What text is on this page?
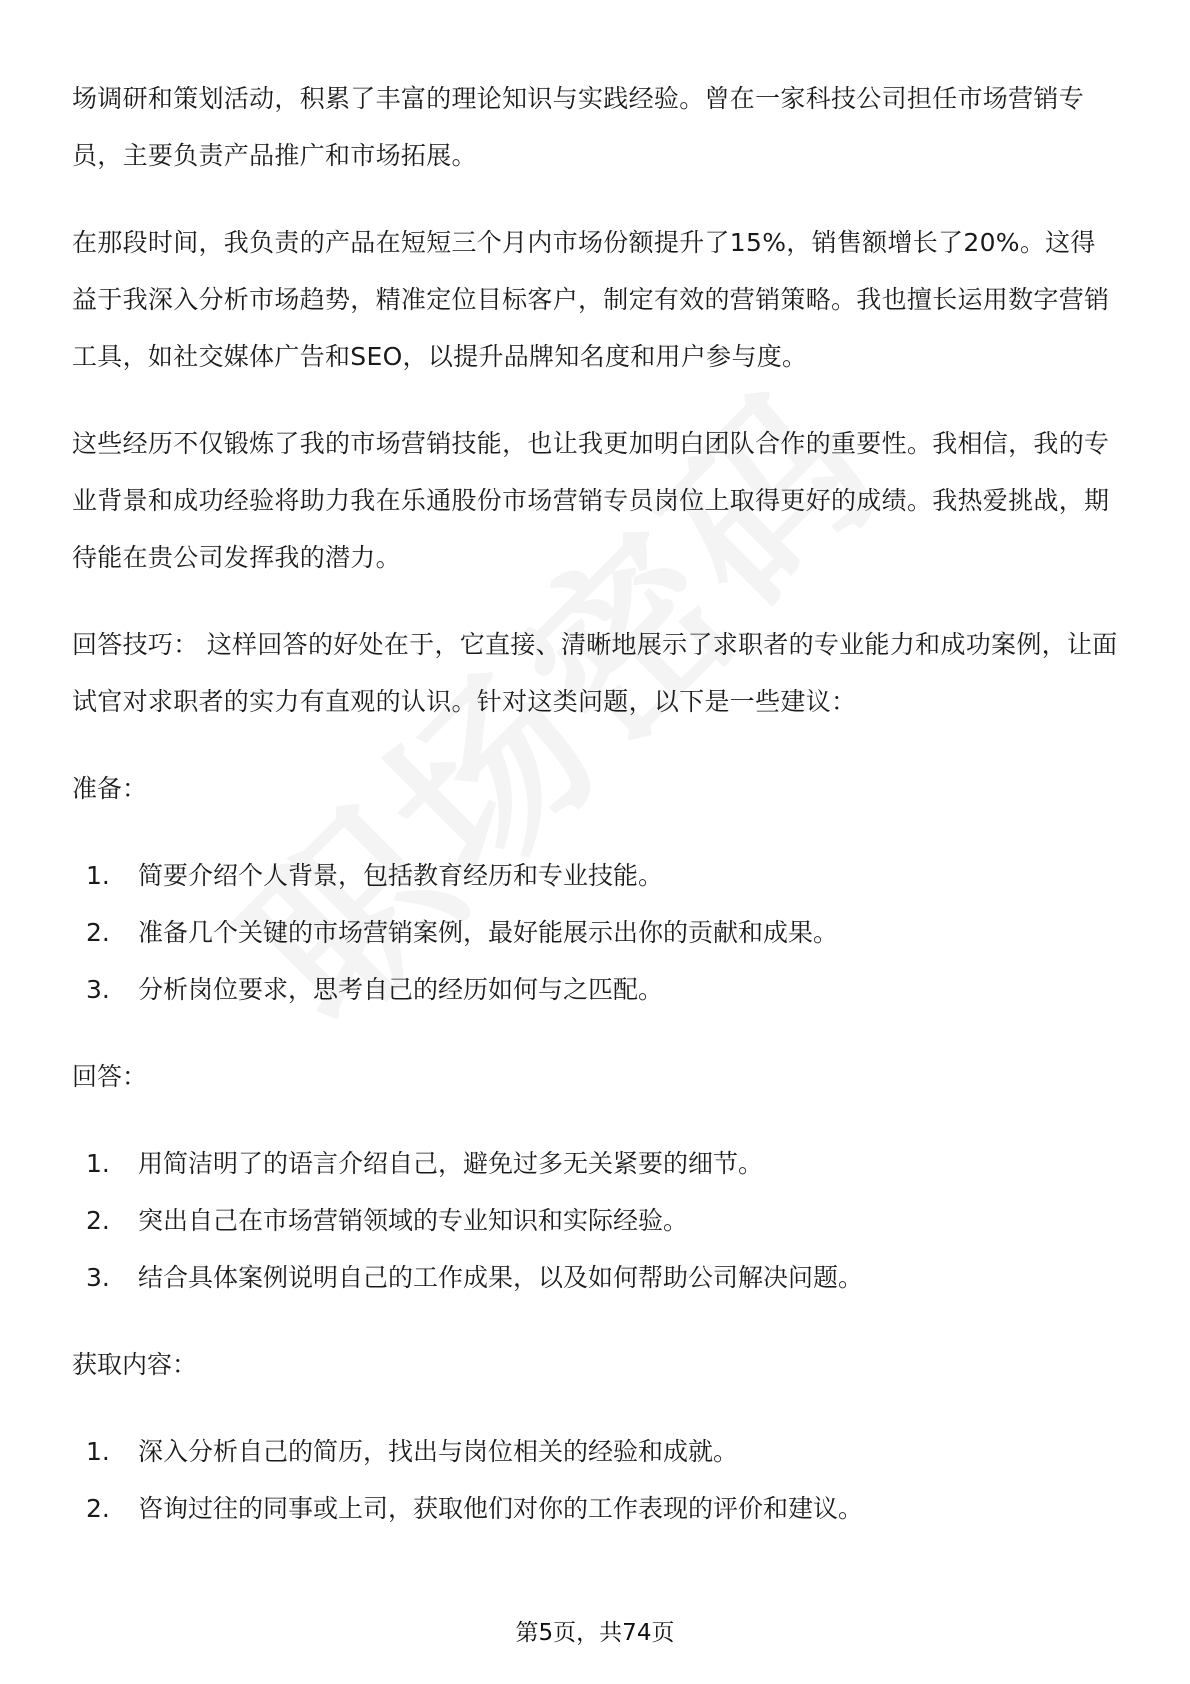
场调研和策划活动，积累了丰富的理论知识与实践经验。曾在一家科技公司担任市场营销专员，主要负责产品推广和市场拓展。

在那段时间，我负责的产品在短短三个月内市场份额提升了15%，销售额增长了20%。这得益于我深入分析市场趋势，精准定位目标客户，制定有效的营销策略。我也擅长运用数字营销工具，如社交媒体广告和SEO，以提升品牌知名度和用户参与度。

这些经历不仅锻炼了我的市场营销技能，也让我更加明白团队合作的重要性。我相信，我的专业背景和成功经验将助力我在乐通股份市场营销专员岗位上取得更好的成绩。我热爱挑战，期待能在贵公司发挥我的潜力。

回答技巧： 这样回答的好处在于，它直接、清晰地展示了求职者的专业能力和成功案例，让面试官对求职者的实力有直观的认识。针对这类问题，以下是一些建议：

准备：
1.	简要介绍个人背景，包括教育经历和专业技能。
2.	准备几个关键的市场营销案例，最好能展示出你的贡献和成果。
3.	分析岗位要求，思考自己的经历如何与之匹配。
回答：
1.	用简洁明了的语言介绍自己，避免过多无关紧要的细节。
2.	突出自己在市场营销领域的专业知识和实际经验。
3.	结合具体案例说明自己的工作成果，以及如何帮助公司解决问题。
获取内容：
1.	深入分析自己的简历，找出与岗位相关的经验和成就。
2.	咨询过往的同事或上司，获取他们对你的工作表现的评价和建议。
第5页，共74页
